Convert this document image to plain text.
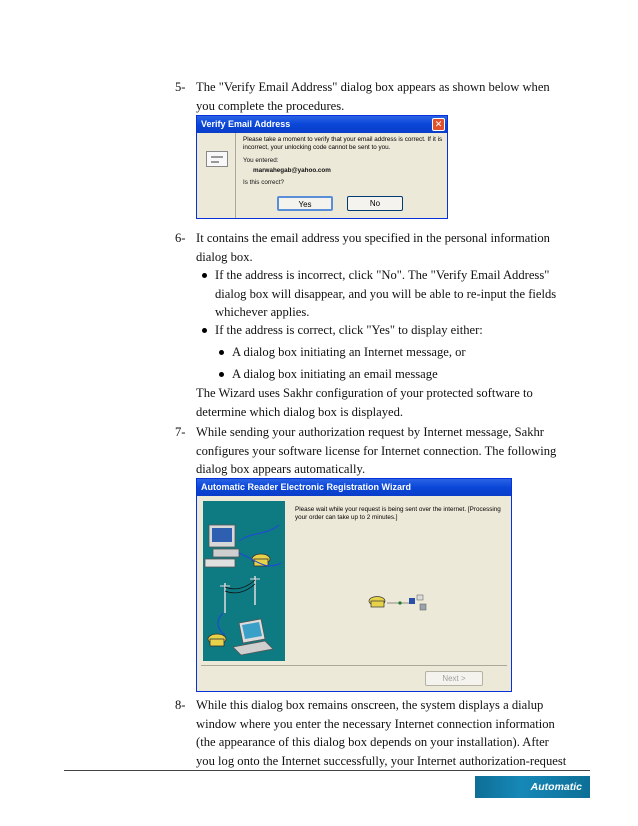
5- The "Verify Email Address" dialog box appears as shown below when
you complete the procedures.
Verify Email Address	✕
Please take a moment to verify that your email address is correct. If it is
incorrect, your unlocking code cannot be sent to you.
You entered:
marwahegab@yahoo.com
Is this correct?
Yes	No
6- It contains the email address you specified in the personal information
dialog box.
If the address is incorrect, click "No". The "Verify Email Address"
dialog box will disappear, and you will be able to re-input the fields
whichever applies.
If the address is correct, click "Yes" to display either:
A dialog box initiating an Internet message, or
A dialog box initiating an email message
The Wizard uses Sakhr configuration of your protected software to
determine which dialog box is displayed.
7- While sending your authorization request by Internet message, Sakhr
configures your software license for Internet connection. The following
dialog box appears automatically.
Automatic Reader Electronic Registration Wizard
Please wait while your request is being sent over the internet. [Processing
your order can take up to 2 minutes.]
Next >
8- While this dialog box remains onscreen, the system displays a dialup
window where you enter the necessary Internet connection information
(the appearance of this dialog box depends on your installation). After
you log onto the Internet successfully, your Internet authorization-request
Automatic Reader 11
